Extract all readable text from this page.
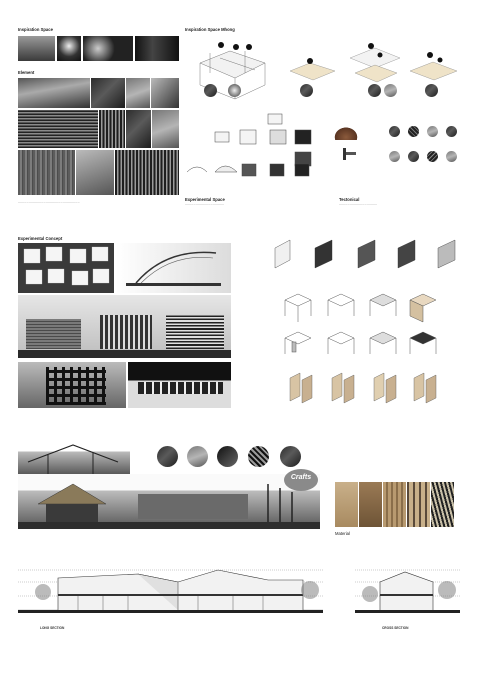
Inspiration Space
Element
··························································
Inspiration Space Mhong
Experimental Space
·····································
Tectonical
····································
Experimental Concept
Crafts
Material
LONG SECTION	CROSS SECTION
